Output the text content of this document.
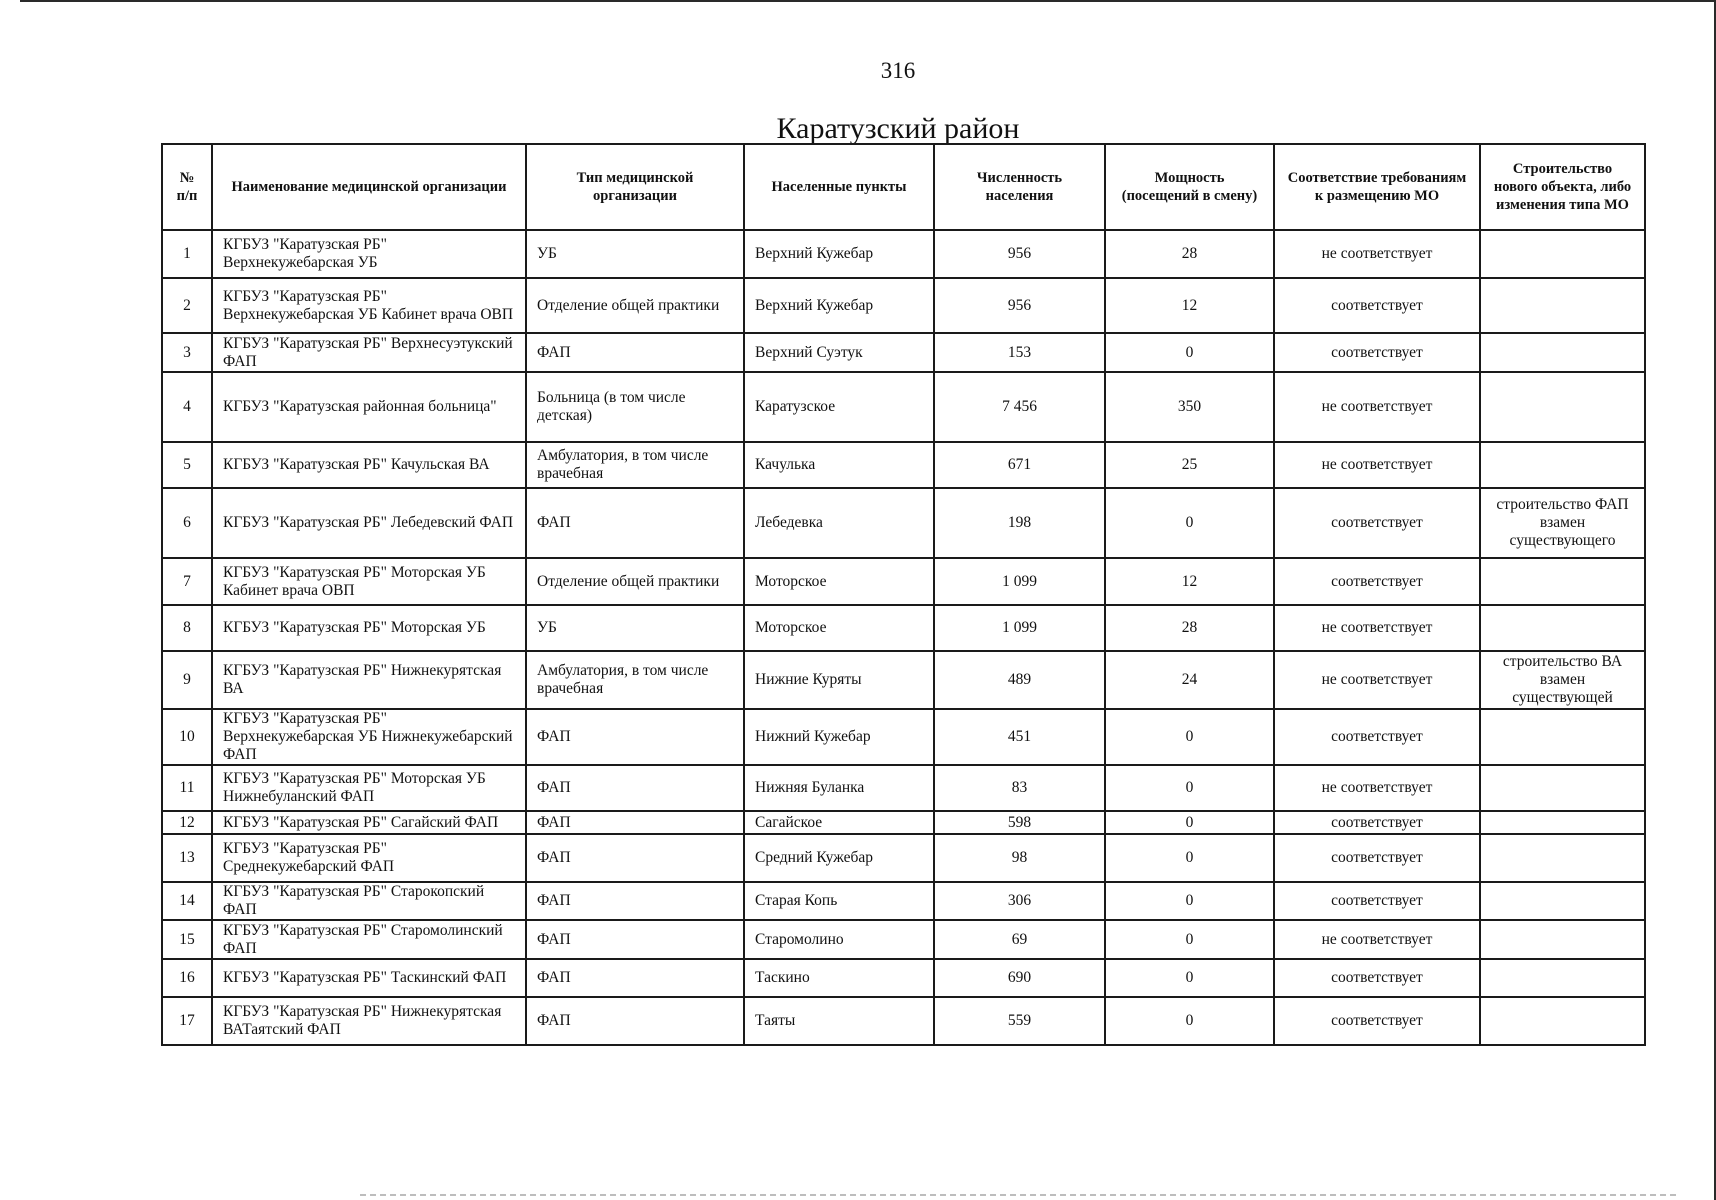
316
Каратузский район
№ п/п	Наименование медицинской организации	Тип медицинской организации	Населенные пункты	Численность населения	Мощность (посещений в смену)	Соответствие требованиям к размещению МО	Строительство нового объекта, либо изменения типа МО
1	КГБУЗ "Каратузская РБ" Верхнекужебарская УБ	УБ	Верхний Кужебар	956	28	не соответствует	
2	КГБУЗ "Каратузская РБ" Верхнекужебарская УБ Кабинет врача ОВП	Отделение общей практики	Верхний Кужебар	956	12	соответствует	
3	КГБУЗ "Каратузская РБ" Верхнесуэтукский ФАП	ФАП	Верхний Суэтук	153	0	соответствует	
4	КГБУЗ "Каратузская районная больница"	Больница (в том числе детская)	Каратузское	7 456	350	не соответствует	
5	КГБУЗ "Каратузская РБ" Качульская ВА	Амбулатория, в том числе врачебная	Качулька	671	25	не соответствует	
6	КГБУЗ "Каратузская РБ" Лебедевский ФАП	ФАП	Лебедевка	198	0	соответствует	строительство ФАП взамен существующего
7	КГБУЗ "Каратузская РБ" Моторская УБ Кабинет врача ОВП	Отделение общей практики	Моторское	1 099	12	соответствует	
8	КГБУЗ "Каратузская РБ" Моторская УБ	УБ	Моторское	1 099	28	не соответствует	
9	КГБУЗ "Каратузская РБ" Нижнекурятская ВА	Амбулатория, в том числе врачебная	Нижние Куряты	489	24	не соответствует	строительство ВА взамен существующей
10	КГБУЗ "Каратузская РБ" Верхнекужебарская УБ Нижнекужебарский ФАП	ФАП	Нижний Кужебар	451	0	соответствует	
11	КГБУЗ "Каратузская РБ" Моторская УБ Нижнебуланский ФАП	ФАП	Нижняя Буланка	83	0	не соответствует	
12	КГБУЗ "Каратузская РБ" Сагайский ФАП	ФАП	Сагайское	598	0	соответствует	
13	КГБУЗ "Каратузская РБ" Среднекужебарский ФАП	ФАП	Средний Кужебар	98	0	соответствует	
14	КГБУЗ "Каратузская РБ" Старокопский ФАП	ФАП	Старая Копь	306	0	соответствует	
15	КГБУЗ "Каратузская РБ" Старомолинский ФАП	ФАП	Старомолино	69	0	не соответствует	
16	КГБУЗ "Каратузская РБ" Таскинский ФАП	ФАП	Таскино	690	0	соответствует	
17	КГБУЗ "Каратузская РБ" Нижнекурятская ВАТаятский ФАП	ФАП	Таяты	559	0	соответствует	
